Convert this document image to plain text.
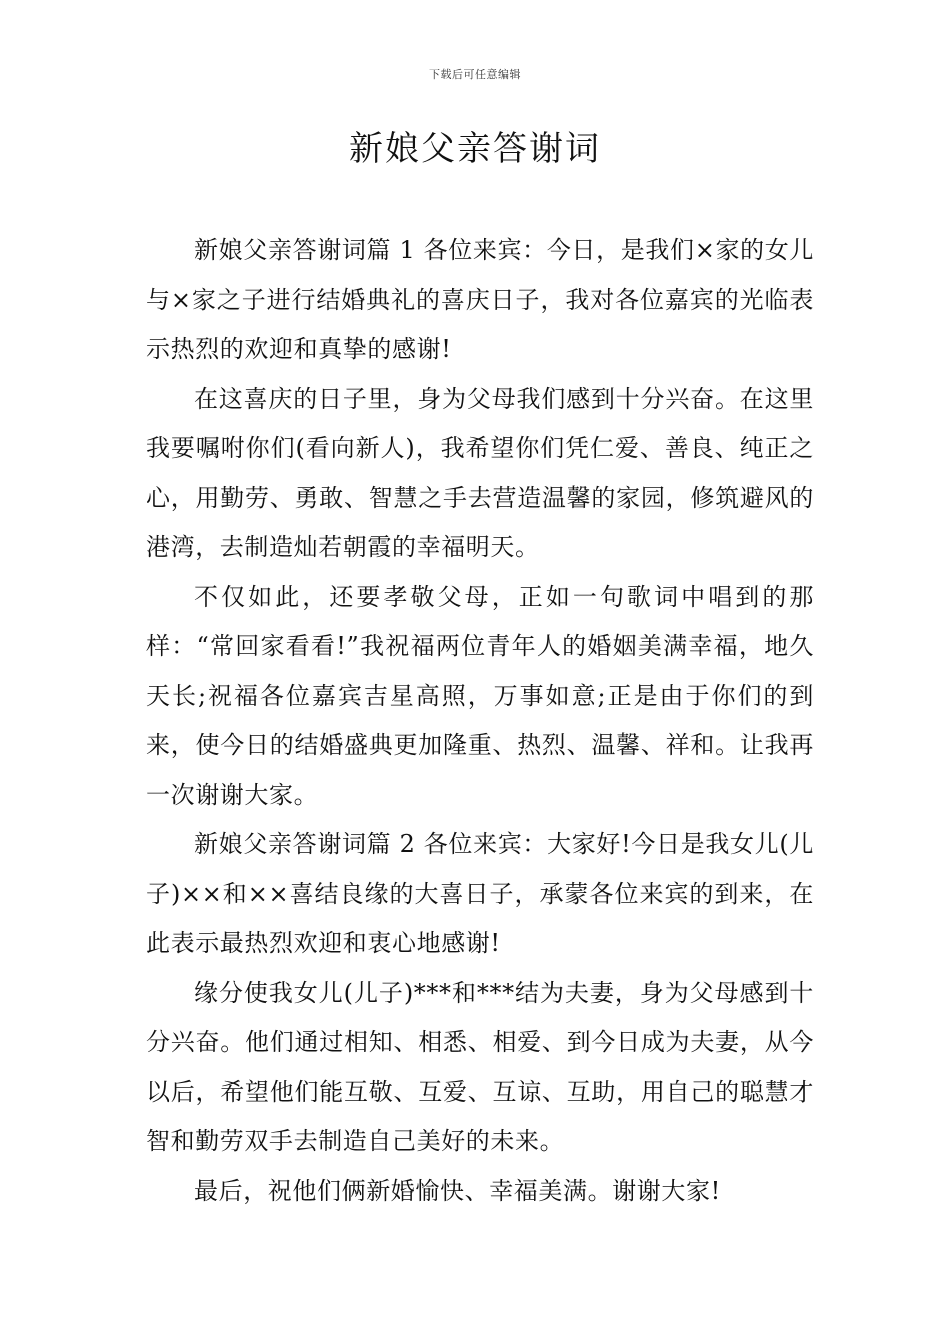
下载后可任意编辑
新娘父亲答谢词

新娘父亲答谢词篇 1 各位来宾：今日，是我们×家的女儿与×家之子进行结婚典礼的喜庆日子，我对各位嘉宾的光临表示热烈的欢迎和真挚的感谢!

在这喜庆的日子里，身为父母我们感到十分兴奋。在这里我要嘱咐你们(看向新人)，我希望你们凭仁爱、善良、纯正之心，用勤劳、勇敢、智慧之手去营造温馨的家园，修筑避风的港湾，去制造灿若朝霞的幸福明天。

不仅如此，还要孝敬父母，正如一句歌词中唱到的那样：“常回家看看!”我祝福两位青年人的婚姻美满幸福，地久天长;祝福各位嘉宾吉星高照，万事如意;正是由于你们的到来，使今日的结婚盛典更加隆重、热烈、温馨、祥和。让我再一次谢谢大家。

新娘父亲答谢词篇 2 各位来宾：大家好!今日是我女儿(儿子)××和××喜结良缘的大喜日子，承蒙各位来宾的到来，在此表示最热烈欢迎和衷心地感谢!

缘分使我女儿(儿子)***和***结为夫妻，身为父母感到十分兴奋。他们通过相知、相悉、相爱、到今日成为夫妻，从今以后，希望他们能互敬、互爱、互谅、互助，用自己的聪慧才智和勤劳双手去制造自己美好的未来。

最后，祝他们俩新婚愉快、幸福美满。谢谢大家!
